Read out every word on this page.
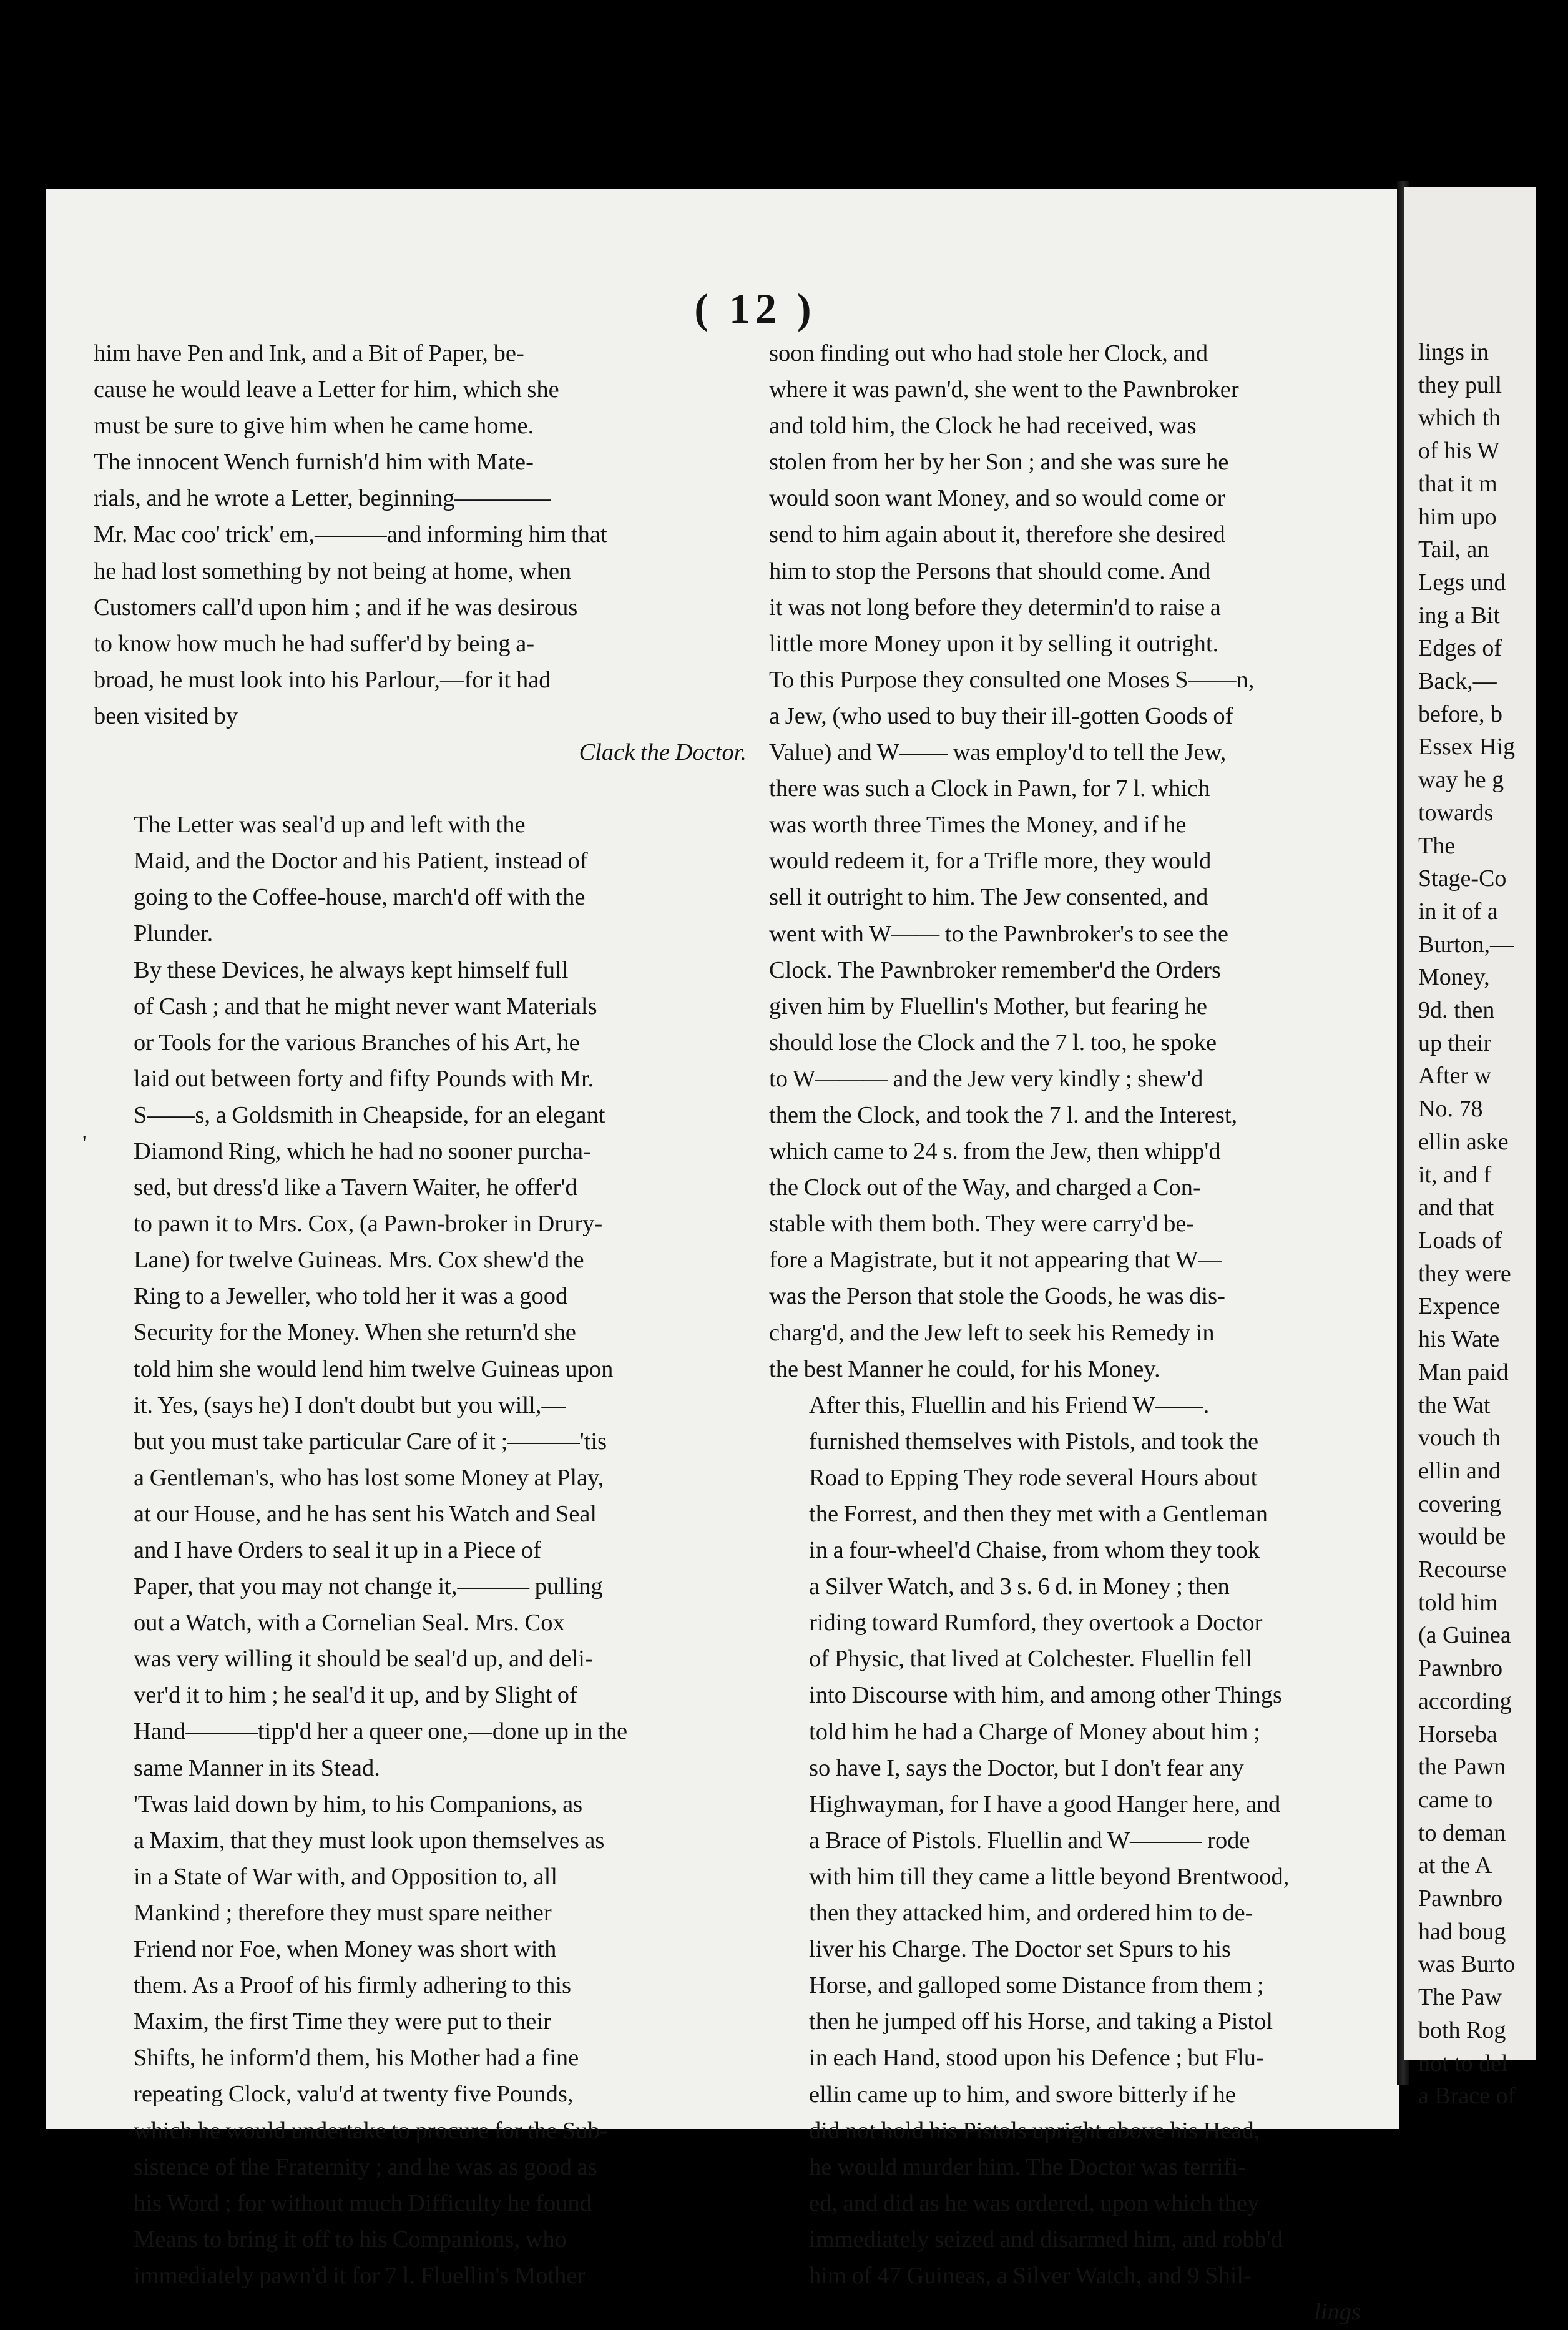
( 12 )

him have Pen and Ink, and a Bit of Paper, be-
cause he would leave a Letter for him, which she
must be sure to give him when he came home.
The innocent Wench furnish'd him with Mate-
rials, and he wrote a Letter, beginning————
Mr. Mac coo' trick' em,———and informing him that
he had lost something by not being at home, when
Customers call'd upon him ; and if he was desirous
to know how much he had suffer'd by being a-
broad, he must look into his Parlour,—for it had
been visited by

Clack the Doctor.

The Letter was seal'd up and left with the
Maid, and the Doctor and his Patient, instead of
going to the Coffee-house, march'd off with the
Plunder.

By these Devices, he always kept himself full
of Cash ; and that he might never want Materials
or Tools for the various Branches of his Art, he
laid out between forty and fifty Pounds with Mr.
S——s, a Goldsmith in Cheapside, for an elegant
Diamond Ring, which he had no sooner purcha-
sed, but dress'd like a Tavern Waiter, he offer'd
to pawn it to Mrs. Cox, (a Pawn-broker in Drury-
Lane) for twelve Guineas. Mrs. Cox shew'd the
Ring to a Jeweller, who told her it was a good
Security for the Money. When she return'd she
told him she would lend him twelve Guineas upon
it. Yes, (says he) I don't doubt but you will,—
but you must take particular Care of it ;———'tis
a Gentleman's, who has lost some Money at Play,
at our House, and he has sent his Watch and Seal
and I have Orders to seal it up in a Piece of
Paper, that you may not change it,——— pulling
out a Watch, with a Cornelian Seal. Mrs. Cox
was very willing it should be seal'd up, and deli-
ver'd it to him ; he seal'd it up, and by Slight of
Hand———tipp'd her a queer one,—done up in the
same Manner in its Stead.

'Twas laid down by him, to his Companions, as
a Maxim, that they must look upon themselves as
in a State of War with, and Opposition to, all
Mankind ; therefore they must spare neither
Friend nor Foe, when Money was short with
them. As a Proof of his firmly adhering to this
Maxim, the first Time they were put to their
Shifts, he inform'd them, his Mother had a fine
repeating Clock, valu'd at twenty five Pounds,
which he would undertake to procure for the Sub-
sistence of the Fraternity ; and he was as good as
his Word ; for without much Difficulty he found
Means to bring it off to his Companions, who
immediately pawn'd it for 7 l. Fluellin's Mother

'

soon finding out who had stole her Clock, and
where it was pawn'd, she went to the Pawnbroker
and told him, the Clock he had received, was
stolen from her by her Son ; and she was sure he
would soon want Money, and so would come or
send to him again about it, therefore she desired
him to stop the Persons that should come. And
it was not long before they determin'd to raise a
little more Money upon it by selling it outright.
To this Purpose they consulted one Moses S——n,
a Jew, (who used to buy their ill-gotten Goods of
Value) and W—— was employ'd to tell the Jew,
there was such a Clock in Pawn, for 7 l. which
was worth three Times the Money, and if he
would redeem it, for a Trifle more, they would
sell it outright to him. The Jew consented, and
went with W—— to the Pawnbroker's to see the
Clock. The Pawnbroker remember'd the Orders
given him by Fluellin's Mother, but fearing he
should lose the Clock and the 7 l. too, he spoke
to W——— and the Jew very kindly ; shew'd
them the Clock, and took the 7 l. and the Interest,
which came to 24 s. from the Jew, then whipp'd
the Clock out of the Way, and charged a Con-
stable with them both. They were carry'd be-
fore a Magistrate, but it not appearing that W—
was the Person that stole the Goods, he was dis-
charg'd, and the Jew left to seek his Remedy in
the best Manner he could, for his Money.

After this, Fluellin and his Friend W——.
furnished themselves with Pistols, and took the
Road to Epping They rode several Hours about
the Forrest, and then they met with a Gentleman
in a four-wheel'd Chaise, from whom they took
a Silver Watch, and 3 s. 6 d. in Money ; then
riding toward Rumford, they overtook a Doctor
of Physic, that lived at Colchester. Fluellin fell
into Discourse with him, and among other Things
told him he had a Charge of Money about him ;
so have I, says the Doctor, but I don't fear any
Highwayman, for I have a good Hanger here, and
a Brace of Pistols. Fluellin and W——— rode
with him till they came a little beyond Brentwood,
then they attacked him, and ordered him to de-
liver his Charge. The Doctor set Spurs to his
Horse, and galloped some Distance from them ;
then he jumped off his Horse, and taking a Pistol
in each Hand, stood upon his Defence ; but Flu-
ellin came up to him, and swore bitterly if he
did not hold his Pistols upright above his Head,
he would murder him. The Doctor was terrifi-
ed, and did as he was ordered, upon which they
immediately seized and disarmed him, and robb'd
him of 47 Guineas, a Silver Watch, and 9 Shil-

lings

lings in
they pull
which th
of his W
that it m
him upo
Tail, an
Legs und
ing a Bit
Edges of
Back,—
before, b
Essex Hig
way he g
towards
The
Stage-Co
in it of a
Burton,—
Money,
9d. then
up their
After w
No. 78
ellin aske
it, and f
and that
Loads of
they were
Expence
his Wate
Man paid
the Wat
vouch th
ellin and
covering
would be
Recourse
told him
(a Guinea
Pawnbro
according
Horseba
the Pawn
came to
to deman
at the A
Pawnbro
had boug
was Burto
The Paw
both Rog
not to del
a Brace of
